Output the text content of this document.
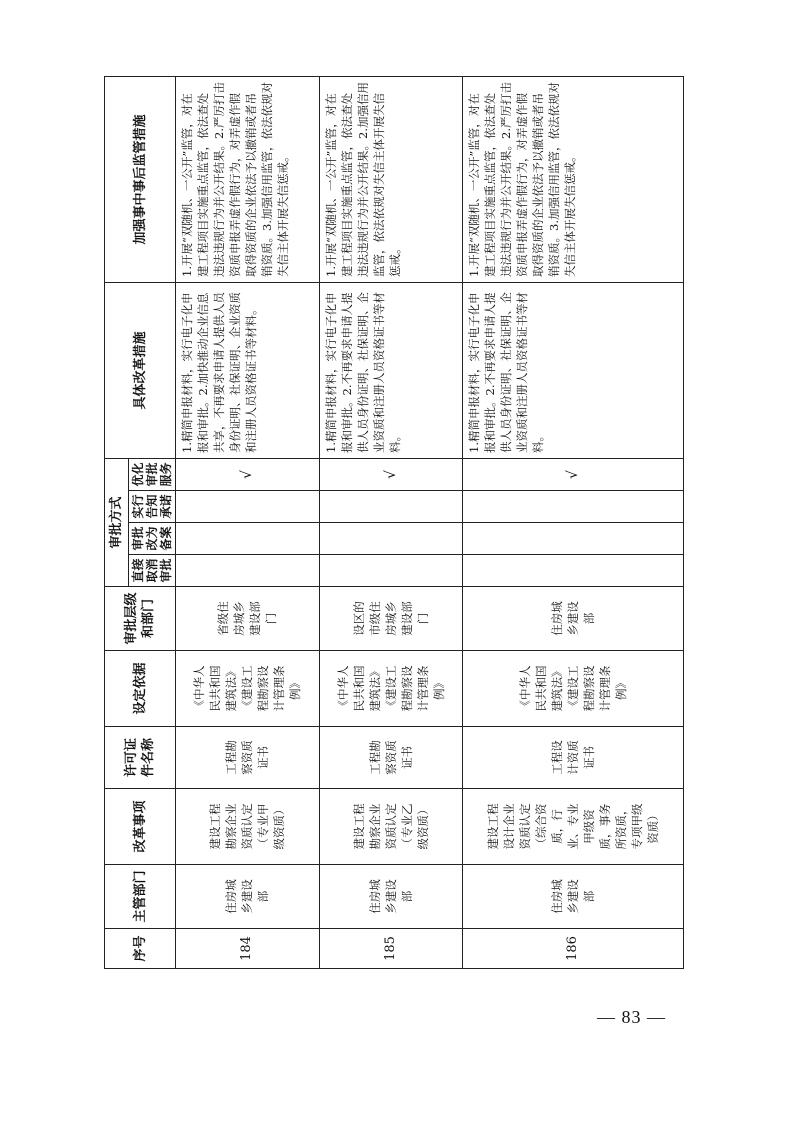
序号	主管部门	改革事项	许可证件名称	设定依据	审批层级和部门	审批方式				具体改革措施	加强事中事后监管措施
						直接取消审批	审批改为备案	实行告知承诺	优化审批服务		
184	住房城乡建设部	建设工程勘察企业资质认定（专业甲级资质）	工程勘察资质证书	《中华人民共和国建筑法》《建设工程勘察设计管理条例》	省级住房城乡建设部门				√	1.精简申报材料，实行电子化申报和审批。2.加快推动企业信息共享，不再要求申请人提供人员身份证明、社保证明、企业资质和注册人员资格证书等材料。	1.开展“双随机、一公开”监管，对在建工程项目实施重点监管，依法查处违法违规行为并公开结果。2.严厉打击资质申报弄虚作假行为，对弄虚作假取得资质的企业依法予以撤销或者吊销资质。3.加强信用监管，依法依规对失信主体开展失信惩戒。
185	住房城乡建设部	建设工程勘察企业资质认定（专业乙级资质）	工程勘察资质证书	《中华人民共和国建筑法》《建设工程勘察设计管理条例》	设区的市级住房城乡建设部门				√	1.精简申报材料，实行电子化申报和审批。2.不再要求申请人提供人员身份证明、社保证明、企业资质和注册人员资格证书等材料。	1.开展“双随机、一公开”监管，对在建工程项目实施重点监管，依法查处违法违规行为并公开结果。2.加强信用监管，依法依规对失信主体开展失信惩戒。
186	住房城乡建设部	建设工程设计企业资质认定（综合资质，行业、专业甲级资质，事务所资质，专项甲级资质）	工程设计资质证书	《中华人民共和国建筑法》《建设工程勘察设计管理条例》	住房城乡建设部				√	1.精简申报材料，实行电子化申报和审批。2.不再要求申请人提供人员身份证明、社保证明、企业资质和注册人员资格证书等材料。	1.开展“双随机、一公开”监管，对在建工程项目实施重点监管，依法查处违法违规行为并公开结果。2.严厉打击资质申报弄虚作假行为，对弄虚作假取得资质的企业依法予以撤销或者吊销资质。3.加强信用监管，依法依规对失信主体开展失信惩戒。
— 83 —
